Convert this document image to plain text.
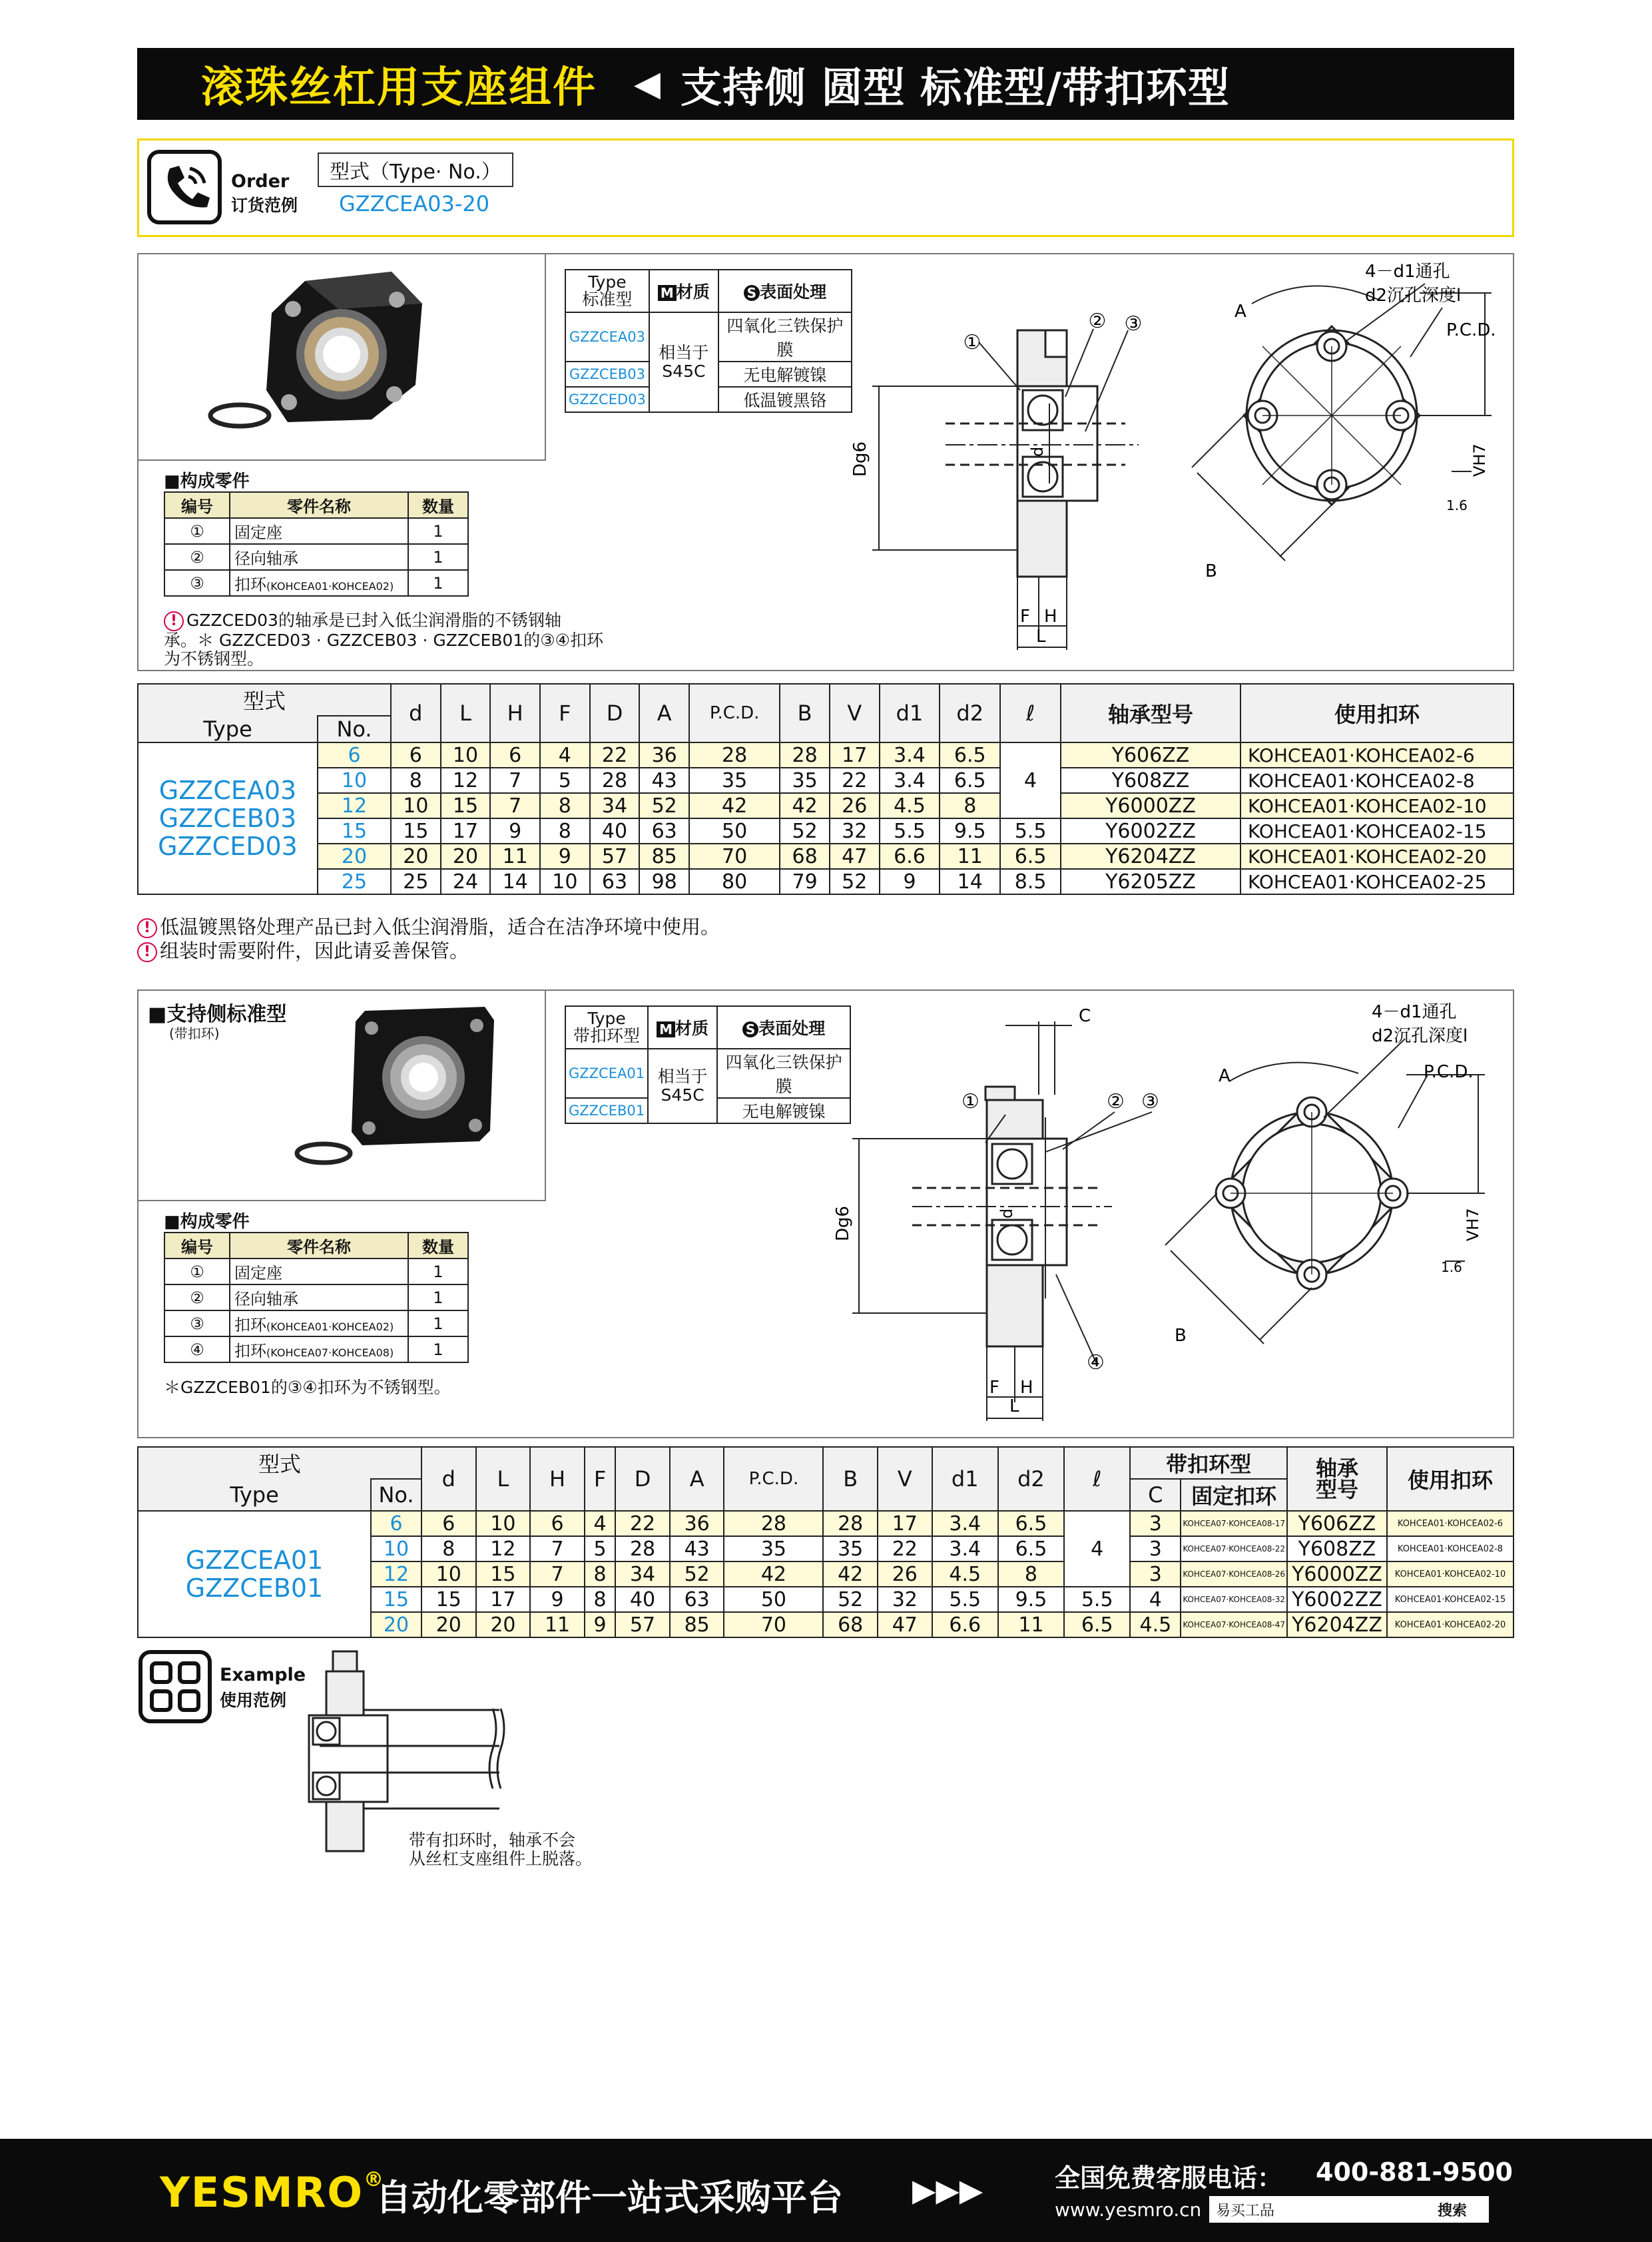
滚珠丝杠用支座组件 ◀ 支持侧 圆型 标准型/带扣环型
Order
订货范例
型式（Type· No.）
GZZCEA03-20
Type
标准型	M 材质	S 表面处理
GZZCEA03	相当于
S45C	四氧化三铁保护膜
GZZCEB03		无电解镀镍
GZZCED03		低温镀黑铬
①
② ③
Dg6	d
F H
L
4－d1通孔
d2沉孔深度l
P.C.D.
A
B
VH7
1.6
■构成零件
编号	零件名称	数量
①	固定座	1
②	径向轴承	1
③	扣环(KOHCEA01·KOHCEA02)	1
! GZZCED03的轴承是已封入低尘润滑脂的不锈钢轴
承。＊ GZZCED03 · GZZCEB03 · GZZCEB01的③④扣环
为不锈钢型。
型式		d	L	H	F	D	A	P.C.D.	B	V	d1	d2	ℓ	轴承型号	使用扣环
Type	No.														
GZZCEA03
GZZCEB03
GZZCED03	6	6	10	6	4	22	36	28	28	17	3.4	6.5	4	Y606ZZ	KOHCEA01·KOHCEA02-6
	10	8	12	7	5	28	43	35	35	22	3.4	6.5		Y608ZZ	KOHCEA01·KOHCEA02-8
	12	10	15	7	8	34	52	42	42	26	4.5	8		Y6000ZZ	KOHCEA01·KOHCEA02-10
	15	15	17	9	8	40	63	50	52	32	5.5	9.5	5.5	Y6002ZZ	KOHCEA01·KOHCEA02-15
	20	20	20	11	9	57	85	70	68	47	6.6	11	6.5	Y6204ZZ	KOHCEA01·KOHCEA02-20
	25	25	24	14	10	63	98	80	79	52	9	14	8.5	Y6205ZZ	KOHCEA01·KOHCEA02-25
! 低温镀黑铬处理产品已封入低尘润滑脂，适合在洁净环境中使用。
! 组装时需要附件，因此请妥善保管。
■支持侧标准型
(带扣环)
Type
带扣环型	M 材质	S 表面处理
GZZCEA01	相当于
S45C	四氧化三铁保护膜
GZZCEB01		无电解镀镍
C
①	② ③
④
Dg6	d
F H
L
4－d1通孔
d2沉孔深度l
P.C.D.
A
B
VH7
1.6
■构成零件
编号	零件名称	数量
①	固定座	1
②	径向轴承	1
③	扣环(KOHCEA01·KOHCEA02)	1
④	扣环(KOHCEA07·KOHCEA08)	1
＊GZZCEB01的③④扣环为不锈钢型。
型式		d	L	H	F	D	A	P.C.D.	B	V	d1	d2	ℓ	带扣环型		轴承
型号	使用扣环
Type	No.													C	固定扣环		
GZZCEA01
GZZCEB01	6	6	10	6	4	22	36	28	28	17	3.4	6.5	4	3	KOHCEA07·KOHCEA08-17	Y606ZZ	KOHCEA01·KOHCEA02-6
	10	8	12	7	5	28	43	35	35	22	3.4	6.5		3	KOHCEA07·KOHCEA08-22	Y608ZZ	KOHCEA01·KOHCEA02-8
	12	10	15	7	8	34	52	42	42	26	4.5	8		3	KOHCEA07·KOHCEA08-26	Y6000ZZ	KOHCEA01·KOHCEA02-10
	15	15	17	9	8	40	63	50	52	32	5.5	9.5	5.5	4	KOHCEA07·KOHCEA08-32	Y6002ZZ	KOHCEA01·KOHCEA02-15
	20	20	20	11	9	57	85	70	68	47	6.6	11	6.5	4.5	KOHCEA07·KOHCEA08-47	Y6204ZZ	KOHCEA01·KOHCEA02-20
Example
使用范例
带有扣环时，轴承不会
从丝杠支座组件上脱落。
YESMRO®
自动化零部件一站式采购平台 ▶▶▶	全国免费客服电话： 400-881-9500
www.yesmro.cn 易买工品	搜索
